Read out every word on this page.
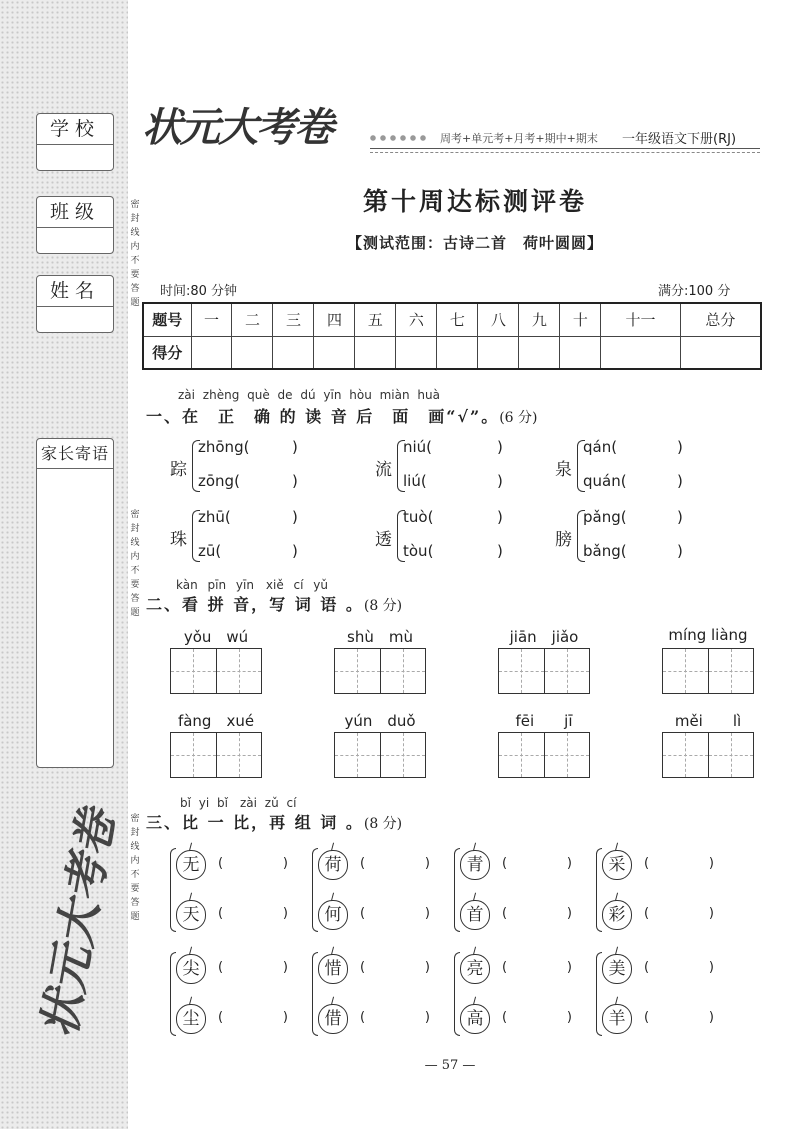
学校
班级
姓名
家长寄语
密
封
线
内
不
要
答
题
密
封
线
内
不
要
答
题
密
封
线
内
不
要
答
题
状元大考卷
状元大考卷	周考+单元考+月考+期中+期末 一年级语文下册(RJ)
第十周达标测评卷
【测试范围：古诗二首　荷叶圆圆】
时间:80 分钟	满分:100 分
题号	一	二	三	四	五	六	七	八	九	十	十一	总分
得分												
zài zhèng què de dú yīn hòu miàn huà
一、在　正　确 的 读 音 后　面　画“√”。(6 分)
踪
zhōng(	)
zōng(	)
流
niú(	)
liú(	)
泉
qán(	)
quán(	)
珠
zhū(	)
zū(	)
透
tuò(	)
tòu(	)
膀
pǎng(	)
bǎng(	)
kàn pīn yīn　xiě cí yǔ
二、看 拼 音，写 词 语 。(8 分)
yǒu　wú	shù　mù	jiān　jiǎo	míng liàng
fàng　xué	yún　duǒ	fēi　　jī	měi　　lì
bǐ yi bǐ　zài zǔ cí
三、比 一 比，再 组 词 。(8 分)
无	(	)
天	(	)
荷	(	)
何	(	)
青	(	)
首	(	)
采	(	)
彩	(	)
尖	(	)
尘	(	)
惜	(	)
借	(	)
亮	(	)
高	(	)
美	(	)
羊	(	)
— 57 —
